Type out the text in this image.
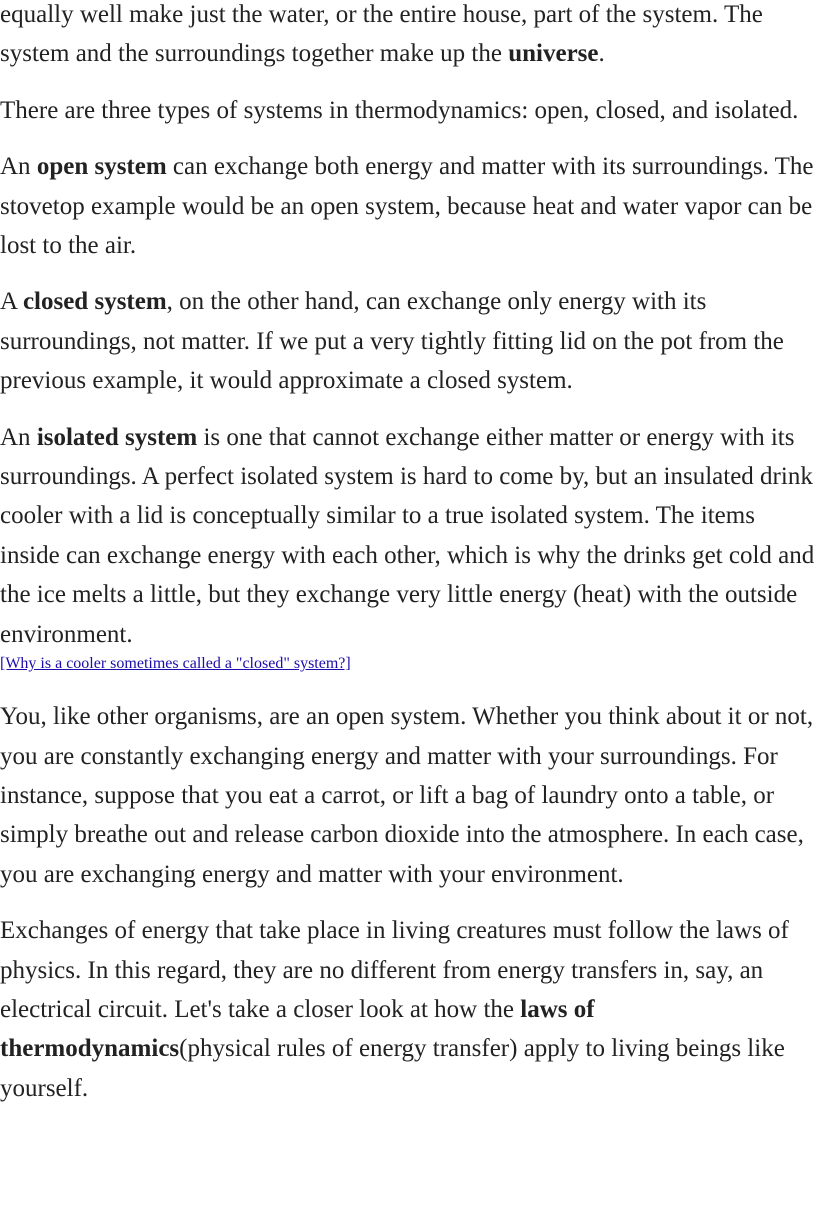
equally well make just the water, or the entire house, part of the system. The system and the surroundings together make up the universe.

There are three types of systems in thermodynamics: open, closed, and isolated.

An open system can exchange both energy and matter with its surroundings. The stovetop example would be an open system, because heat and water vapor can be lost to the air.

A closed system, on the other hand, can exchange only energy with its surroundings, not matter. If we put a very tightly fitting lid on the pot from the previous example, it would approximate a closed system.

An isolated system is one that cannot exchange either matter or energy with its surroundings. A perfect isolated system is hard to come by, but an insulated drink cooler with a lid is conceptually similar to a true isolated system. The items inside can exchange energy with each other, which is why the drinks get cold and the ice melts a little, but they exchange very little energy (heat) with the outside environment.

[Why is a cooler sometimes called a "closed" system?]

You, like other organisms, are an open system. Whether you think about it or not, you are constantly exchanging energy and matter with your surroundings. For instance, suppose that you eat a carrot, or lift a bag of laundry onto a table, or simply breathe out and release carbon dioxide into the atmosphere. In each case, you are exchanging energy and matter with your environment.

Exchanges of energy that take place in living creatures must follow the laws of physics. In this regard, they are no different from energy transfers in, say, an electrical circuit. Let's take a closer look at how the laws of thermodynamics(physical rules of energy transfer) apply to living beings like yourself.
